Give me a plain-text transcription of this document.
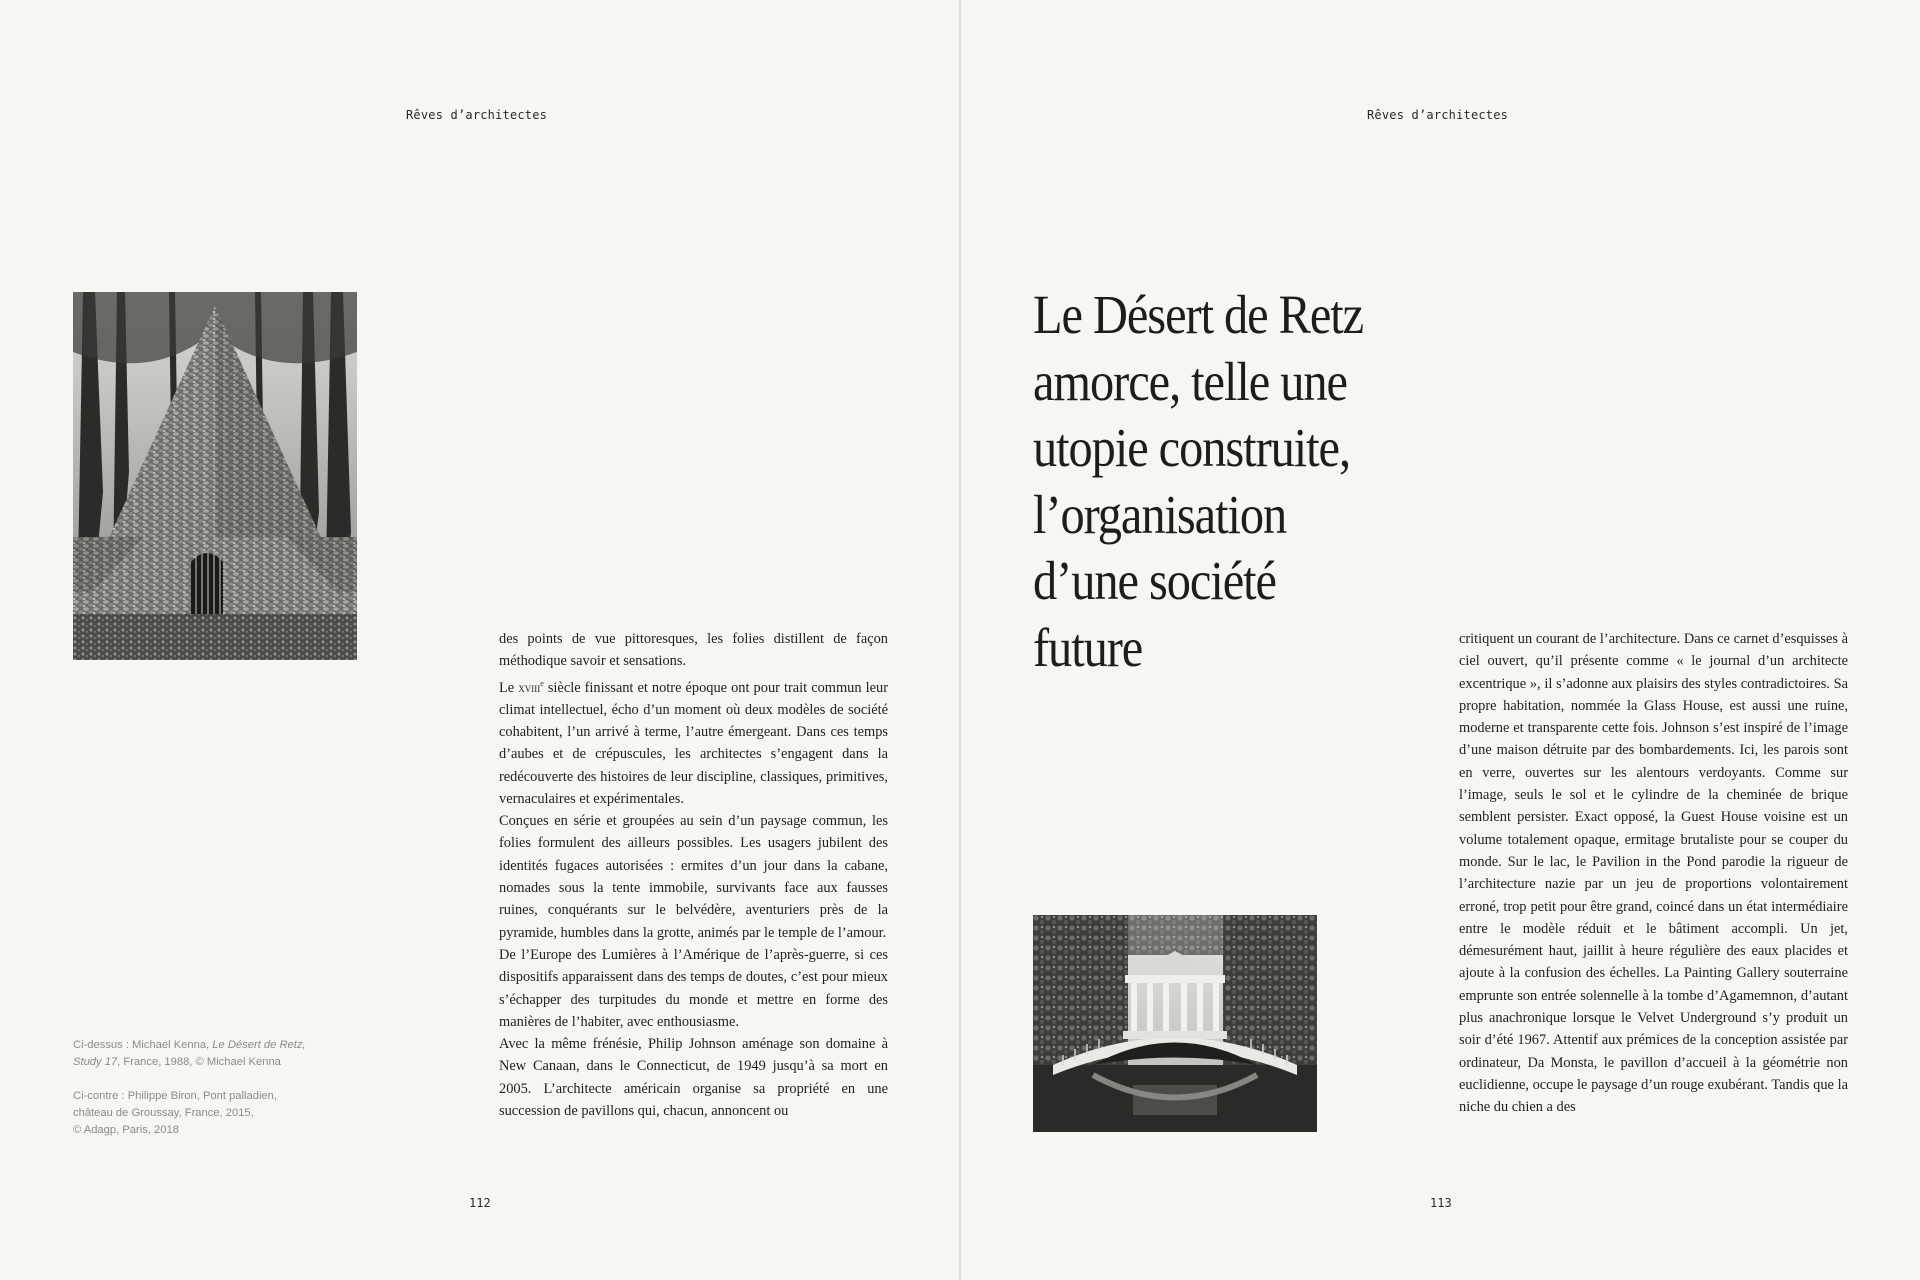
Rêves d’architectes
Ci-dessus : Michael Kenna, Le Désert de Retz, Study 17, France, 1988, © Michael Kenna
Ci-contre : Philippe Biron, Pont palladien,
château de Groussay, France, 2015,
© Adagp, Paris, 2018

des points de vue pittoresques, les folies distillent de façon méthodique savoir et sensations.

Le xviii$^e$ siècle finissant et notre époque ont pour trait commun leur climat intellectuel, écho d’un moment où deux modèles de société cohabitent, l’un arrivé à terme, l’autre émergeant. Dans ces temps d’aubes et de crépuscules, les architectes s’engagent dans la redécouverte des histoires de leur discipline, classiques, primitives, vernaculaires et expérimentales.

Conçues en série et groupées au sein d’un paysage commun, les folies formulent des ailleurs possibles. Les usagers jubilent des identités fugaces autorisées : ermites d’un jour dans la cabane, nomades sous la tente immobile, survivants face aux fausses ruines, conquérants sur le belvédère, aventuriers près de la pyramide, humbles dans la grotte, animés par le temple de l’amour.

De l’Europe des Lumières à l’Amérique de l’après-guerre, si ces dispositifs apparaissent dans des temps de doutes, c’est pour mieux s’échapper des turpitudes du monde et mettre en forme des manières de l’habiter, avec enthousiasme.

Avec la même frénésie, Philip Johnson aménage son domaine à New Canaan, dans le Connecticut, de 1949 jusqu’à sa mort en 2005. L’architecte américain organise sa propriété en une succession de pavillons qui, chacun, annoncent ou

112
Rêves d’architectes
113
Le Désert de Retz amorce, telle une utopie construite, l’organisation d’une société future	critiquent un courant de l’architecture. Dans ce carnet d’esquisses à ciel ouvert, qu’il présente comme « le journal d’un architecte excentrique », il s’adonne aux plaisirs des styles contradictoires. Sa propre habitation, nommée la Glass House, est aussi une ruine, moderne et transparente cette fois. Johnson s’est inspiré de l’image d’une maison détruite par des bombardements. Ici, les parois sont en verre, ouvertes sur les alentours verdoyants. Comme sur l’image, seuls le sol et le cylindre de la cheminée de brique semblent persister. Exact opposé, la Guest House voisine est un volume totalement opaque, ermitage brutaliste pour se couper du monde. Sur le lac, le Pavilion in the Pond parodie la rigueur de l’architecture nazie par un jeu de proportions volontairement erroné, trop petit pour être grand, coincé dans un état intermédiaire entre le modèle réduit et le bâtiment accompli. Un jet, démesurément haut, jaillit à heure régulière des eaux placides et ajoute à la confusion des échelles. La Painting Gallery souterraine emprunte son entrée solennelle à la tombe d’Agamemnon, d’autant plus anachronique lorsque le Velvet Underground s’y produit un soir d’été 1967. Attentif aux prémices de la conception assistée par ordinateur, Da Monsta, le pavillon d’accueil à la géométrie non euclidienne, occupe le paysage d’un rouge exubérant. Tandis que la niche du chien a des
